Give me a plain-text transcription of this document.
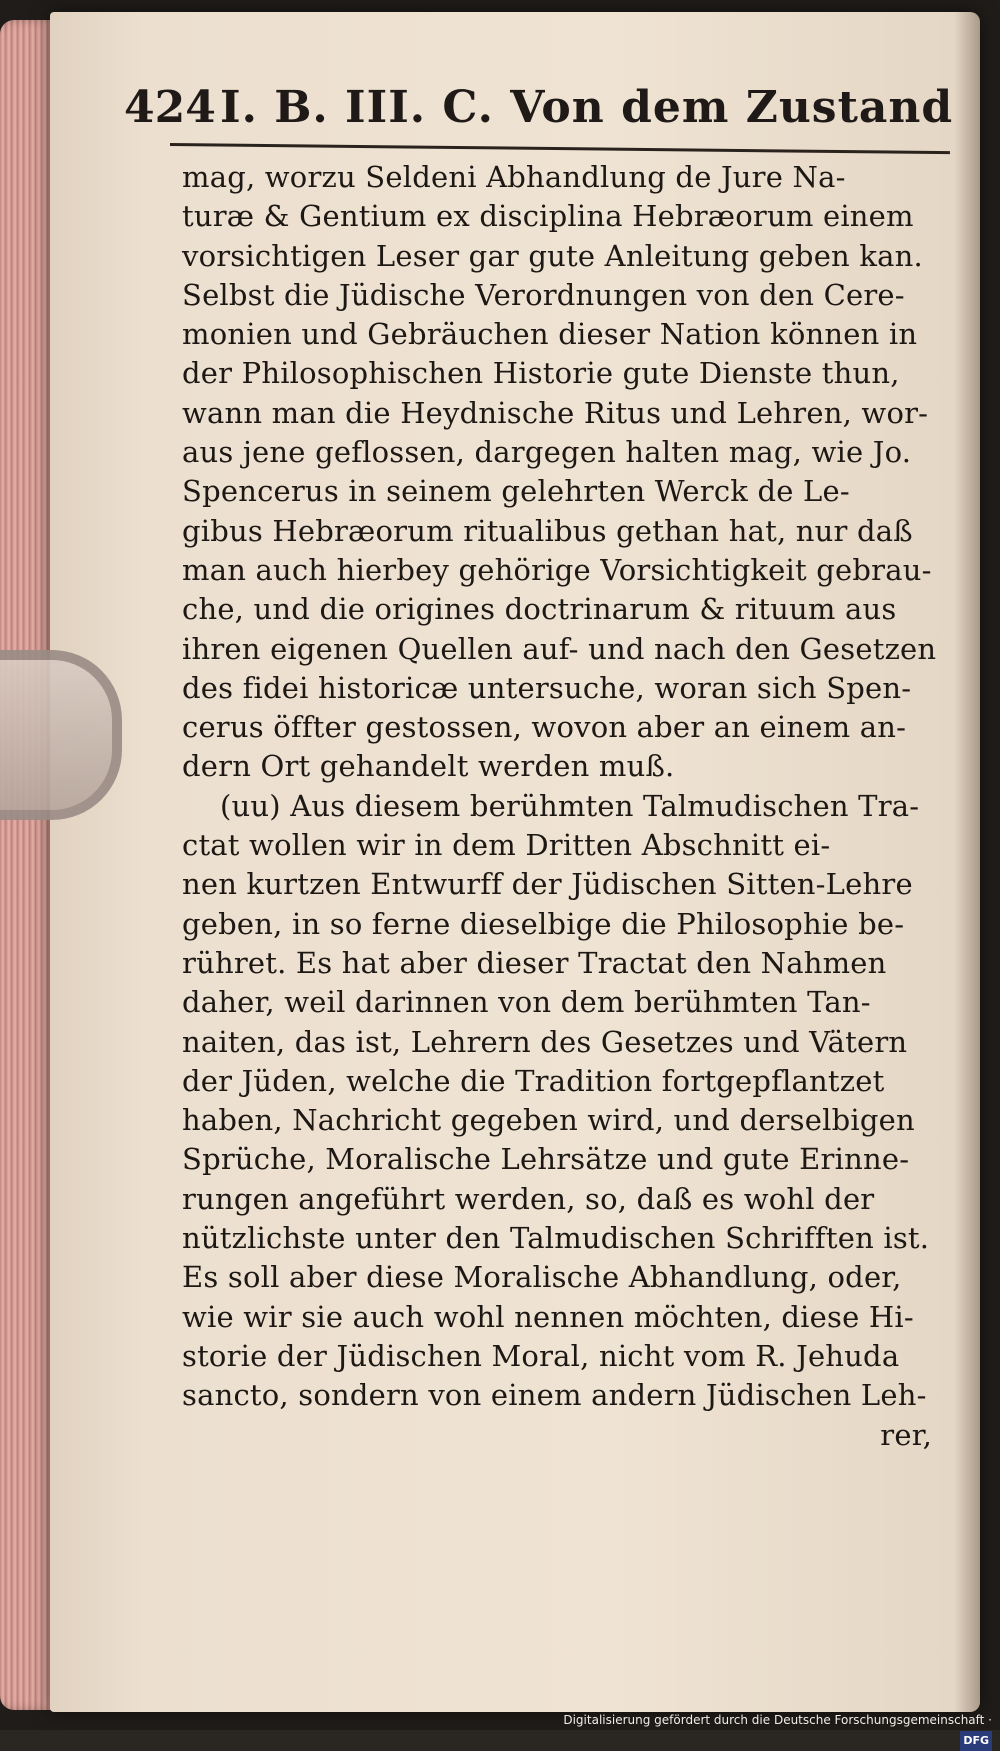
424 I. B. III. C. Von dem Zustand
mag, worzu Seldeni Abhandlung de Jure Na-
turæ & Gentium ex disciplina Hebræorum einem
vorsichtigen Leser gar gute Anleitung geben kan.
Selbst die Jüdische Verordnungen von den Cere-
monien und Gebräuchen dieser Nation können in
der Philosophischen Historie gute Dienste thun,
wann man die Heydnische Ritus und Lehren, wor-
aus jene geflossen, dargegen halten mag, wie Jo.
Spencerus in seinem gelehrten Werck de Le-
gibus Hebræorum ritualibus gethan hat, nur daß
man auch hierbey gehörige Vorsichtigkeit gebrau-
che, und die origines doctrinarum & rituum aus
ihren eigenen Quellen auf- und nach den Gesetzen
des fidei historicæ untersuche, woran sich Spen-
cerus öffter gestossen, wovon aber an einem an-
dern Ort gehandelt werden muß.
(uu) Aus diesem berühmten Talmudischen Tra-
ctat wollen wir in dem Dritten Abschnitt ei-
nen kurtzen Entwurff der Jüdischen Sitten-Lehre
geben, in so ferne dieselbige die Philosophie be-
rühret. Es hat aber dieser Tractat den Nahmen
daher, weil darinnen von dem berühmten Tan-
naiten, das ist, Lehrern des Gesetzes und Vätern
der Jüden, welche die Tradition fortgepflantzet
haben, Nachricht gegeben wird, und derselbigen
Sprüche, Moralische Lehrsätze und gute Erinne-
rungen angeführt werden, so, daß es wohl der
nützlichste unter den Talmudischen Schrifften ist.
Es soll aber diese Moralische Abhandlung, oder,
wie wir sie auch wohl nennen möchten, diese Hi-
storie der Jüdischen Moral, nicht vom R. Jehuda
sancto, sondern von einem andern Jüdischen Leh-
rer,
Digitalisierung gefördert durch die Deutsche Forschungsgemeinschaft ·DFG
